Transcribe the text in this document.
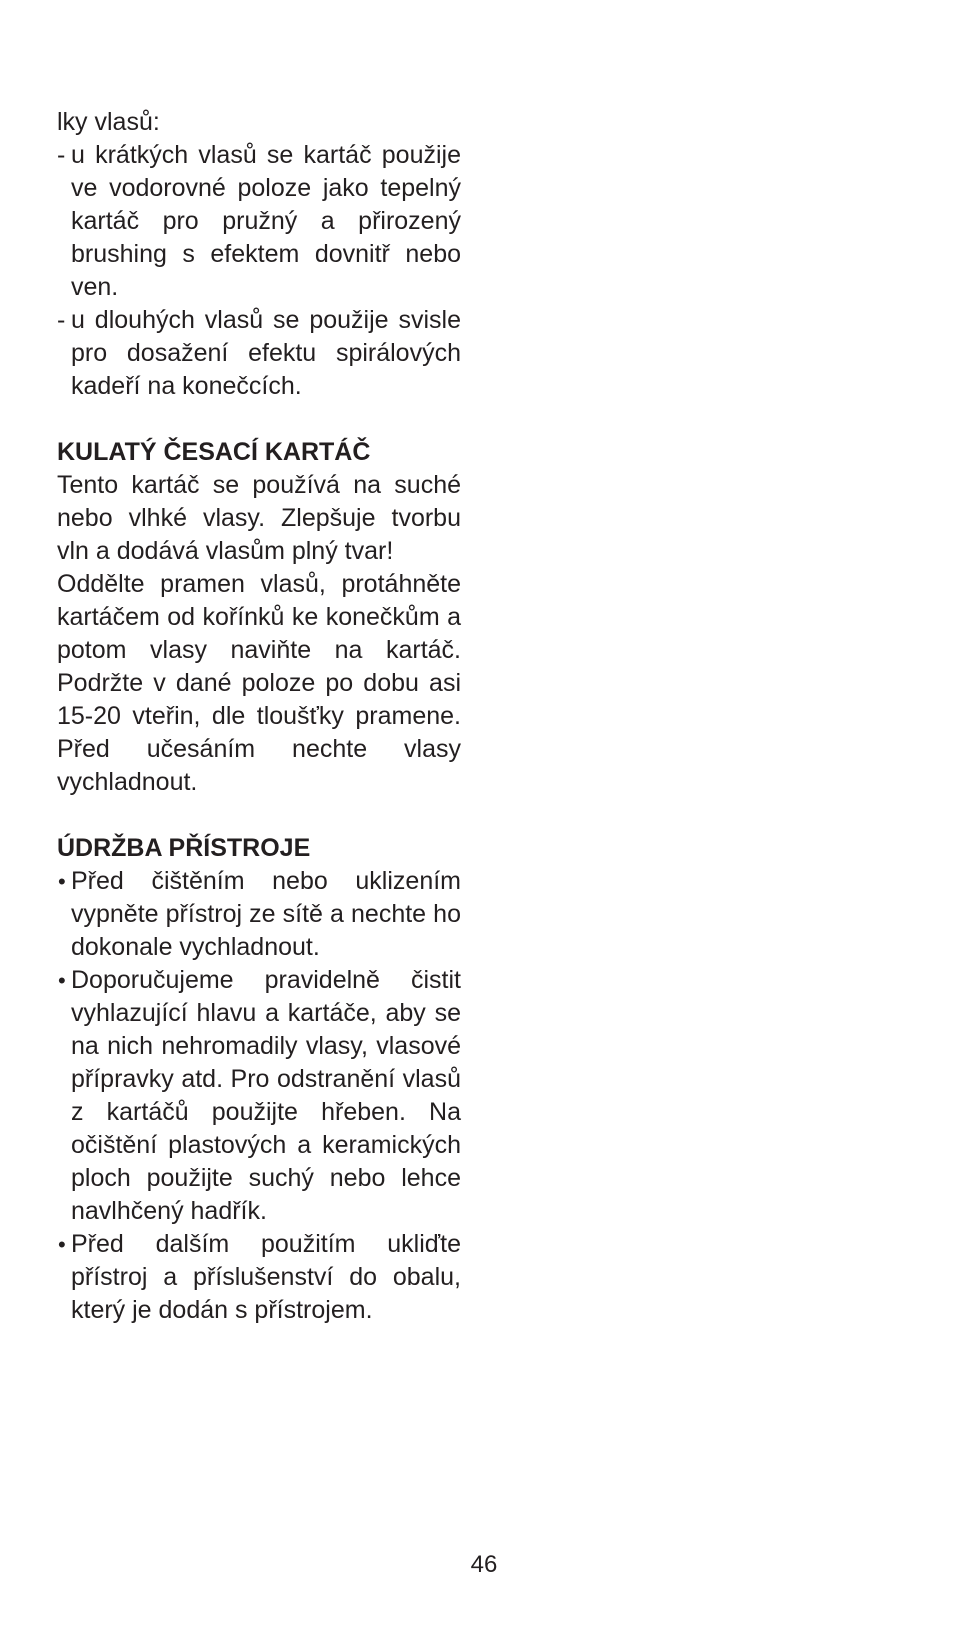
lky vlasů:

- u krátkých vlasů se kartáč použije ve vodorovné poloze jako tepelný kartáč pro pružný a přirozený brushing s efektem dovnitř nebo ven.
- u dlouhých vlasů se použije svisle pro dosažení efektu spirálových kadeří na konečcích.
KULATÝ ČESACÍ KARTÁČ

Tento kartáč se používá na suché nebo vlhké vlasy. Zlepšuje tvorbu vln a dodává vlasům plný tvar!

Oddělte pramen vlasů, protáhněte kartáčem od kořínků ke konečkům a potom vlasy naviňte na kartáč. Podržte v dané poloze po dobu asi 15-20 vteřin, dle tloušťky pramene. Před učesáním nechte vlasy vychladnout.

ÚDRŽBA PŘÍSTROJE
• Před čištěním nebo uklizením vypněte přístroj ze sítě a nechte ho dokonale vychladnout.
• Doporučujeme pravidelně čistit vyhlazující hlavu a kartáče, aby se na nich nehromadily vlasy, vlasové přípravky atd. Pro odstranění vlasů z kartáčů použijte hřeben. Na očištění plastových a keramických ploch použijte suchý nebo lehce navlhčený hadřík.
• Před dalším použitím ukliďte přístroj a příslušenství do obalu, který je dodán s přístrojem.
46
